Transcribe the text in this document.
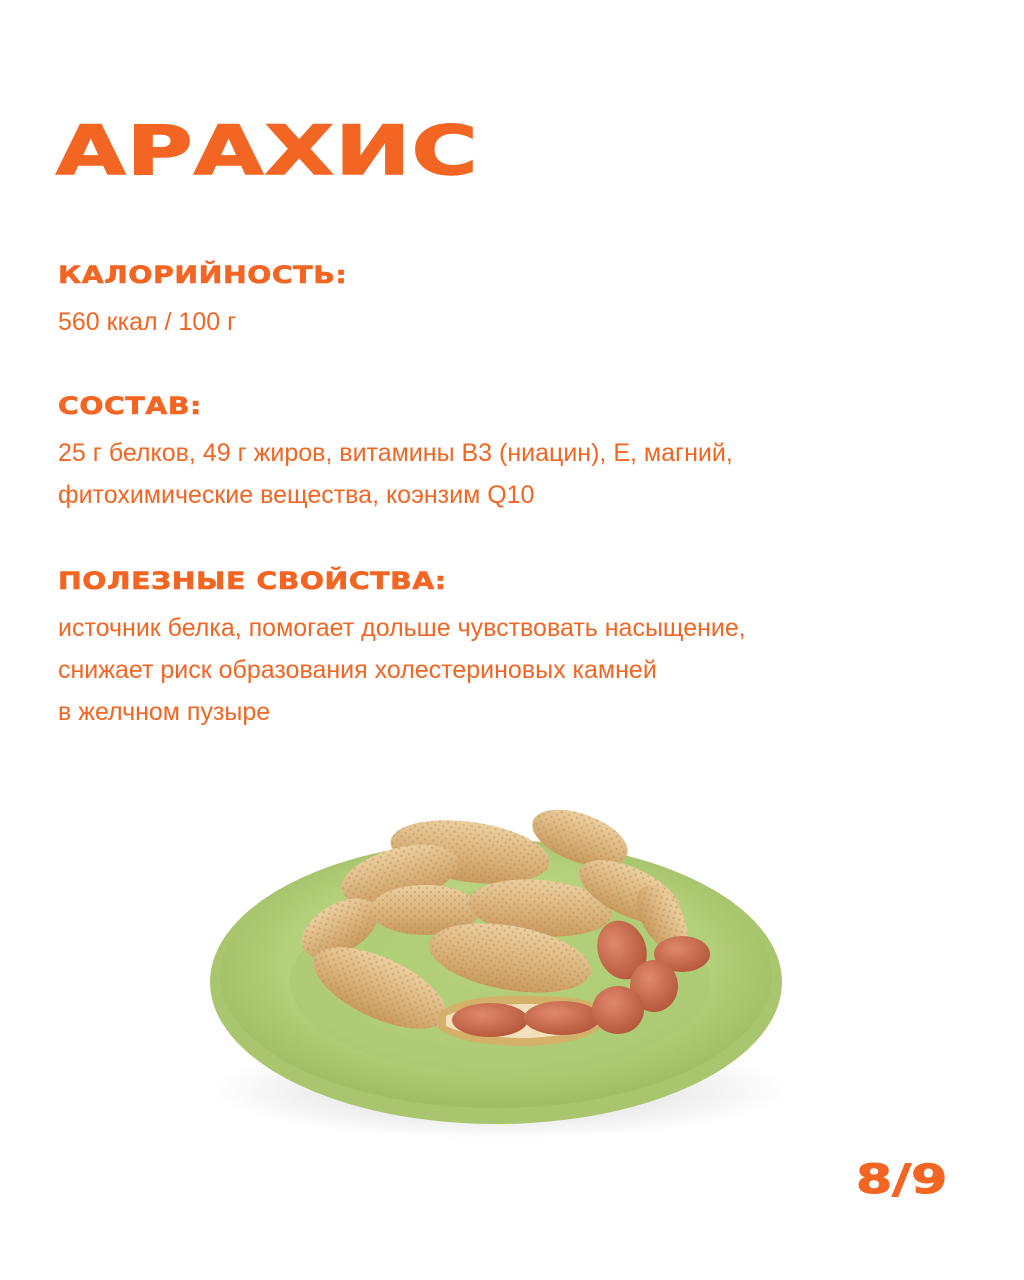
АРАХИС
КАЛОРИЙНОСТЬ:

560 ккал / 100 г

СОСТАВ:

25 г белков, 49 г жиров, витамины B3 (ниацин), E, магний,

фитохимические вещества, коэнзим Q10

ПОЛЕЗНЫЕ СВОЙСТВА:

источник белка, помогает дольше чувствовать насыщение,

снижает риск образования холестериновых камней

в желчном пузыре

8/9
